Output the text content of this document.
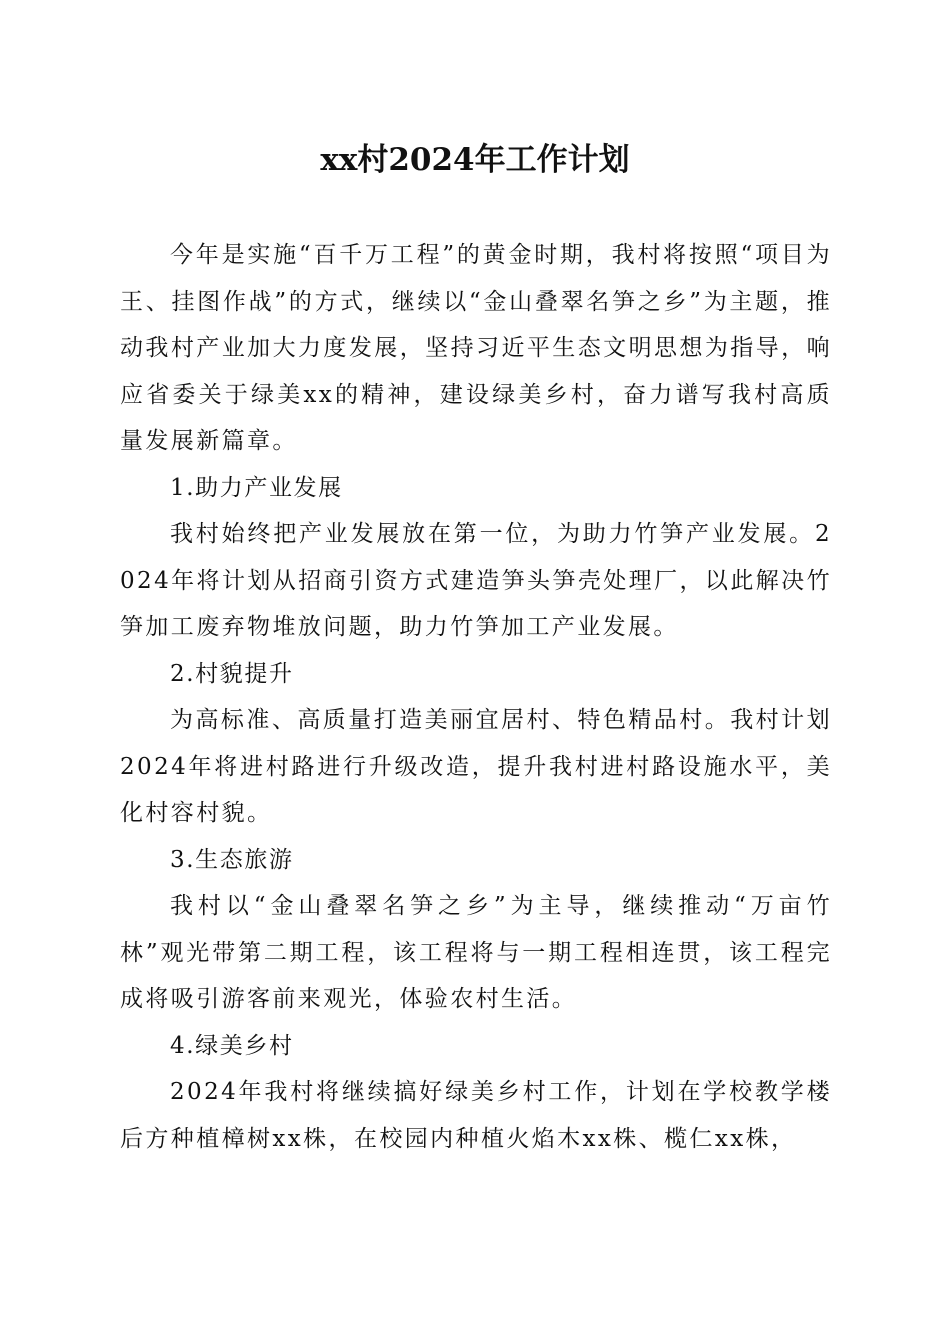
xx村2024年工作计划

今年是实施“百千万工程”的黄金时期，我村将按照“项目为王、挂图作战”的方式，继续以“金山叠翠名笋之乡”为主题，推动我村产业加大力度发展，坚持习近平生态文明思想为指导，响应省委关于绿美xx的精神，建设绿美乡村，奋力谱写我村高质量发展新篇章。

1.助力产业发展

我村始终把产业发展放在第一位，为助力竹笋产业发展。2024年将计划从招商引资方式建造笋头笋壳处理厂，以此解决竹笋加工废弃物堆放问题，助力竹笋加工产业发展。

2.村貌提升

为高标准、高质量打造美丽宜居村、特色精品村。我村计划2024年将进村路进行升级改造，提升我村进村路设施水平，美化村容村貌。

3.生态旅游

我村以“金山叠翠名笋之乡”为主导，继续推动“万亩竹林”观光带第二期工程，该工程将与一期工程相连贯，该工程完成将吸引游客前来观光，体验农村生活。

4.绿美乡村

2024年我村将继续搞好绿美乡村工作，计划在学校教学楼后方种植樟树xx株，在校园内种植火焰木xx株、榄仁xx株，
